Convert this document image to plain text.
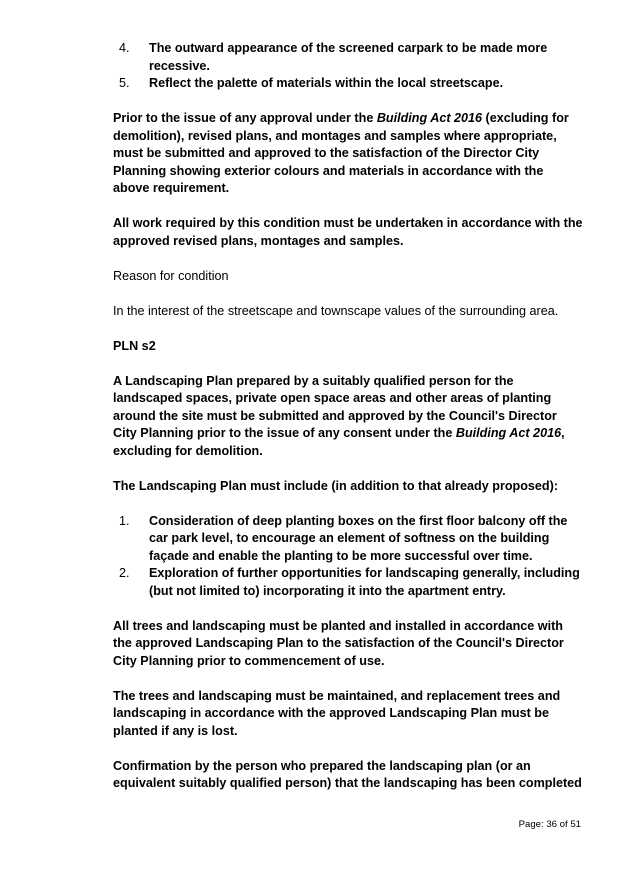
4. The outward appearance of the screened carpark to be made more recessive.
5. Reflect the palette of materials within the local streetscape.

Prior to the issue of any approval under the Building Act 2016 (excluding for demolition), revised plans, and montages and samples where appropriate, must be submitted and approved to the satisfaction of the Director City Planning showing exterior colours and materials in accordance with the above requirement.

All work required by this condition must be undertaken in accordance with the approved revised plans, montages and samples.

Reason for condition

In the interest of the streetscape and townscape values of the surrounding area.

PLN s2

A Landscaping Plan prepared by a suitably qualified person for the landscaped spaces, private open space areas and other areas of planting around the site must be submitted and approved by the Council's Director City Planning prior to the issue of any consent under the Building Act 2016, excluding for demolition.

The Landscaping Plan must include (in addition to that already proposed):

1. Consideration of deep planting boxes on the first floor balcony off the car park level, to encourage an element of softness on the building façade and enable the planting to be more successful over time.
2. Exploration of further opportunities for landscaping generally, including (but not limited to) incorporating it into the apartment entry.

All trees and landscaping must be planted and installed in accordance with the approved Landscaping Plan to the satisfaction of the Council's Director City Planning prior to commencement of use.

The trees and landscaping must be maintained, and replacement trees and landscaping in accordance with the approved Landscaping Plan must be planted if any is lost.

Confirmation by the person who prepared the landscaping plan (or an equivalent suitably qualified person) that the landscaping has been completed

Page: 36 of 51
